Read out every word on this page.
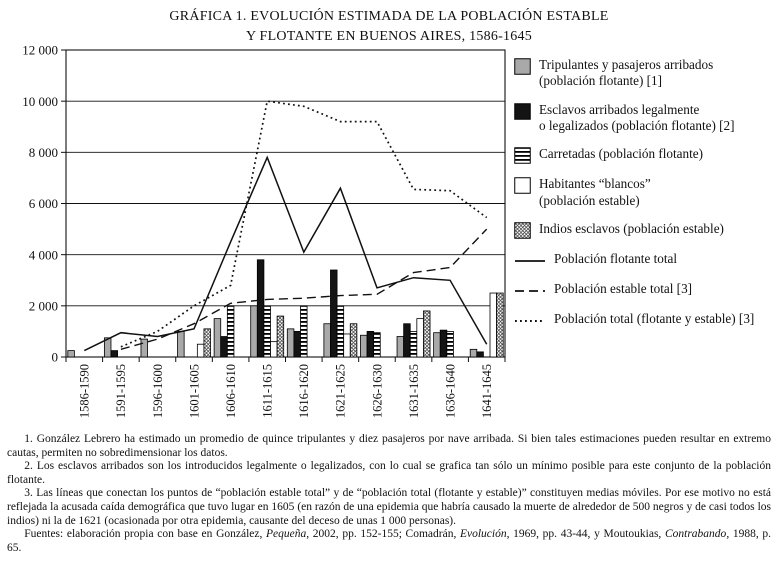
GRÁFICA 1. EVOLUCIÓN ESTIMADA DE LA POBLACIÓN ESTABLE
Y FLOTANTE EN BUENOS AIRES, 1586-1645
0
2 000
4 000
6 000
8 000
10 000
12 000
1586-1590 1591-1595 1596-1600 1601-1605 1606-1610 1611-1615 1616-1620 1621-1625 1626-1630 1631-1635 1636-1640 1641-1645
Tripulantes y pasajeros arribados
(población flotante) [1]
Esclavos arribados legalmente
o legalizados (población flotante) [2]
Carretadas (población flotante)
Habitantes “blancos”
(población estable)
Indios esclavos (población estable)
Población flotante total
Población estable total [3]
Población total (flotante y estable) [3]

1. González Lebrero ha estimado un promedio de quince tripulantes y diez pasajeros por nave arribada. Si bien tales estimaciones pueden resultar en extremo cautas, permiten no sobredimensionar los datos.

2. Los esclavos arribados son los introducidos legalmente o legalizados, con lo cual se grafica tan sólo un mínimo posible para este conjunto de la población flotante.

3. Las líneas que conectan los puntos de “población estable total” y de “población total (flotante y estable)” constituyen medias móviles. Por ese motivo no está reflejada la acusada caída demográfica que tuvo lugar en 1605 (en razón de una epidemia que habría causado la muerte de alrededor de 500 negros y de casi todos los indios) ni la de 1621 (ocasionada por otra epidemia, causante del deceso de unas 1 000 personas).

Fuentes: elaboración propia con base en González, Pequeña, 2002, pp. 152-155; Comadrán, Evolución, 1969, pp. 43-44, y Moutoukias, Contrabando, 1988, p. 65.
